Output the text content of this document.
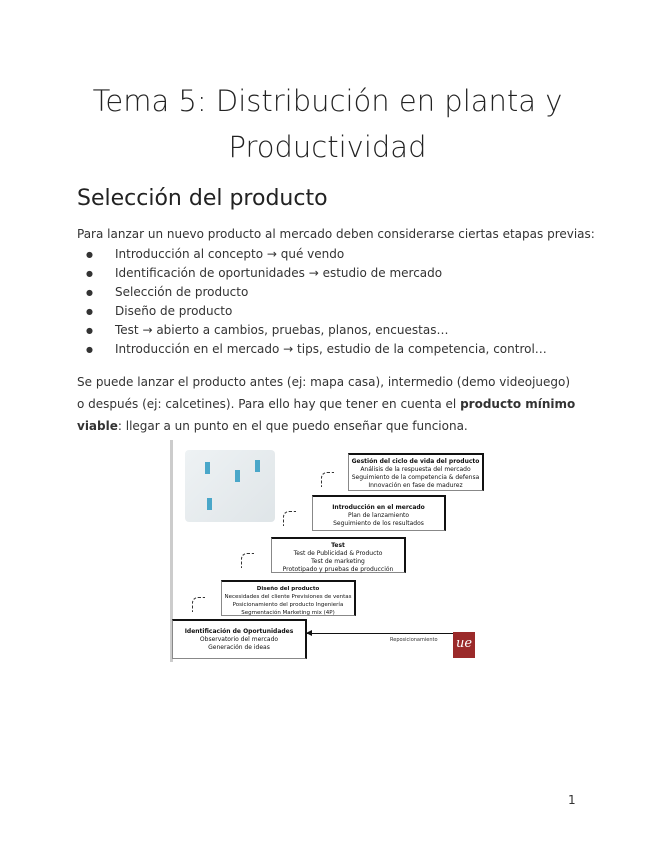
Tema 5: Distribución en planta y
Productividad
Selección del producto
Para lanzar un nuevo producto al mercado deben considerarse ciertas etapas previas:
● Introducción al concepto → qué vendo
● Identificación de oportunidades → estudio de mercado
● Selección de producto
● Diseño de producto
● Test → abierto a cambios, pruebas, planos, encuestas…
● Introducción en el mercado → tips, estudio de la competencia, control…
Se puede lanzar el producto antes (ej: mapa casa), intermedio (demo videojuego) o después (ej: calcetines). Para ello hay que tener en cuenta el producto mínimo viable: llegar a un punto en el que puedo enseñar que funciona.
Gestión del ciclo de vida del producto
Análisis de la respuesta del mercado
Seguimiento de la competencia & defensa
Innovación en fase de madurez
Introducción en el mercado
Plan de lanzamiento
Seguimiento de los resultados
Test
Test de Publicidad & Producto
Test de marketing
Prototipado y pruebas de producción
Diseño del producto
Necesidades del cliente Previsiones de ventas
Posicionamiento del producto Ingeniería
Segmentación Marketing mix (4P)
Identificación de Oportunidades
Observatorio del mercado
Generación de ideas
Reposicionamiento ue
1
